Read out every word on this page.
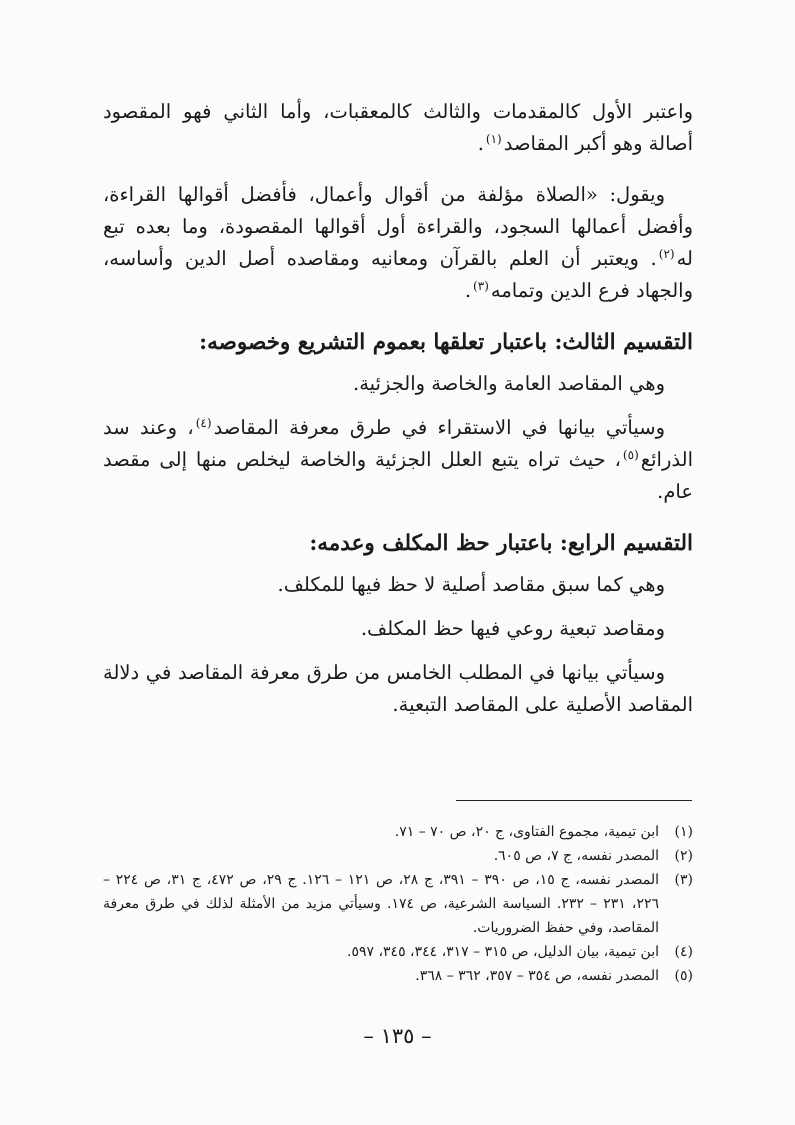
واعتبر الأول كالمقدمات والثالث كالمعقبات، وأما الثاني فهو المقصود أصالة وهو أكبر المقاصد$^{(١)}$.

ويقول: «الصلاة مؤلفة من أقوال وأعمال، فأفضل أقوالها القراءة، وأفضل أعمالها السجود، والقراءة أول أقوالها المقصودة، وما بعده تبع له$^{(٢)}$. ويعتبر أن العلم بالقرآن ومعانيه ومقاصده أصل الدين وأساسه، والجهاد فرع الدين وتمامه$^{(٣)}$.

التقسيم الثالث: باعتبار تعلقها بعموم التشريع وخصوصه:

وهي المقاصد العامة والخاصة والجزئية.

وسيأتي بيانها في الاستقراء في طرق معرفة المقاصد$^{(٤)}$، وعند سد الذرائع$^{(٥)}$، حيث تراه يتبع العلل الجزئية والخاصة ليخلص منها إلى مقصد عام.

التقسيم الرابع: باعتبار حظ المكلف وعدمه:

وهي كما سبق مقاصد أصلية لا حظ فيها للمكلف.

ومقاصد تبعية روعي فيها حظ المكلف.

وسيأتي بيانها في المطلب الخامس من طرق معرفة المقاصد في دلالة المقاصد الأصلية على المقاصد التبعية.

(١)
ابن تيمية، مجموع الفتاوى، ج ٢٠، ص ٧٠ – ٧١.
(٢)
المصدر نفسه، ج ٧، ص ٦٠٥.
(٣)
المصدر نفسه، ج ١٥، ص ٣٩٠ – ٣٩١، ج ٢٨، ص ١٢١ – ١٢٦. ج ٢٩، ص ٤٧٢، ج ٣١، ص ٢٢٤ – ٢٢٦، ٢٣١ – ٢٣٢. السياسة الشرعية، ص ١٧٤. وسيأتي مزيد من الأمثلة لذلك في طرق معرفة المقاصد، وفي حفظ الضروريات.
(٤)
ابن تيمية، بيان الدليل، ص ٣١٥ – ٣١٧، ٣٤٤، ٣٤٥، ٥٩٧.
(٥)
المصدر نفسه، ص ٣٥٤ – ٣٥٧، ٣٦٢ – ٣٦٨.
– ١٣٥ –
